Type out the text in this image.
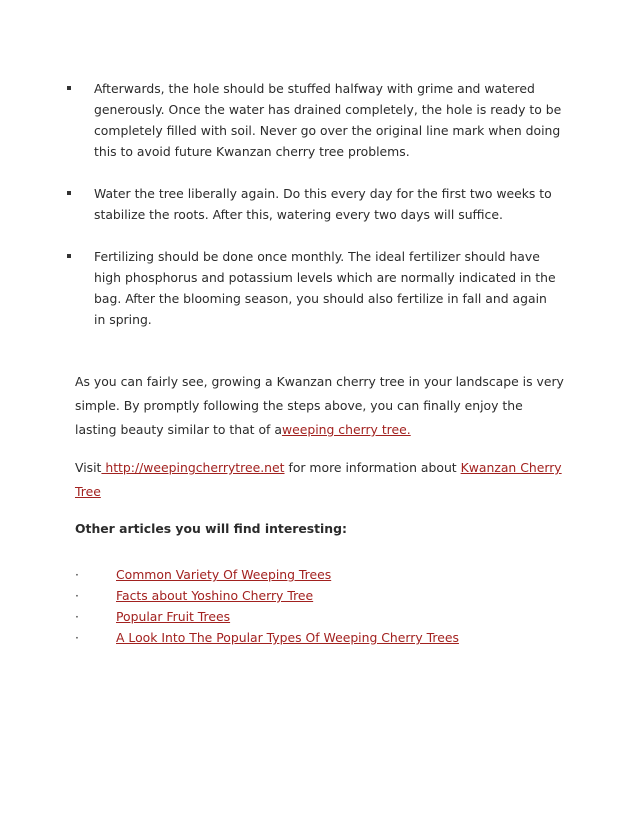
Afterwards, the hole should be stuffed halfway with grime and watered generously. Once the water has drained completely, the hole is ready to be completely filled with soil. Never go over the original line mark when doing this to avoid future Kwanzan cherry tree problems.
Water the tree liberally again. Do this every day for the first two weeks to stabilize the roots. After this, watering every two days will suffice.
Fertilizing should be done once monthly. The ideal fertilizer should have high phosphorus and potassium levels which are normally indicated in the bag. After the blooming season, you should also fertilize in fall and again in spring.

As you can fairly see, growing a Kwanzan cherry tree in your landscape is very simple. By promptly following the steps above, you can finally enjoy the lasting beauty similar to that of aweeping cherry tree.

Visit http://weepingcherrytree.net for more information about Kwanzan Cherry Tree

Other articles you will find interesting:

·	Common Variety Of Weeping Trees
·	Facts about Yoshino Cherry Tree
·	Popular Fruit Trees
·	A Look Into The Popular Types Of Weeping Cherry Trees
